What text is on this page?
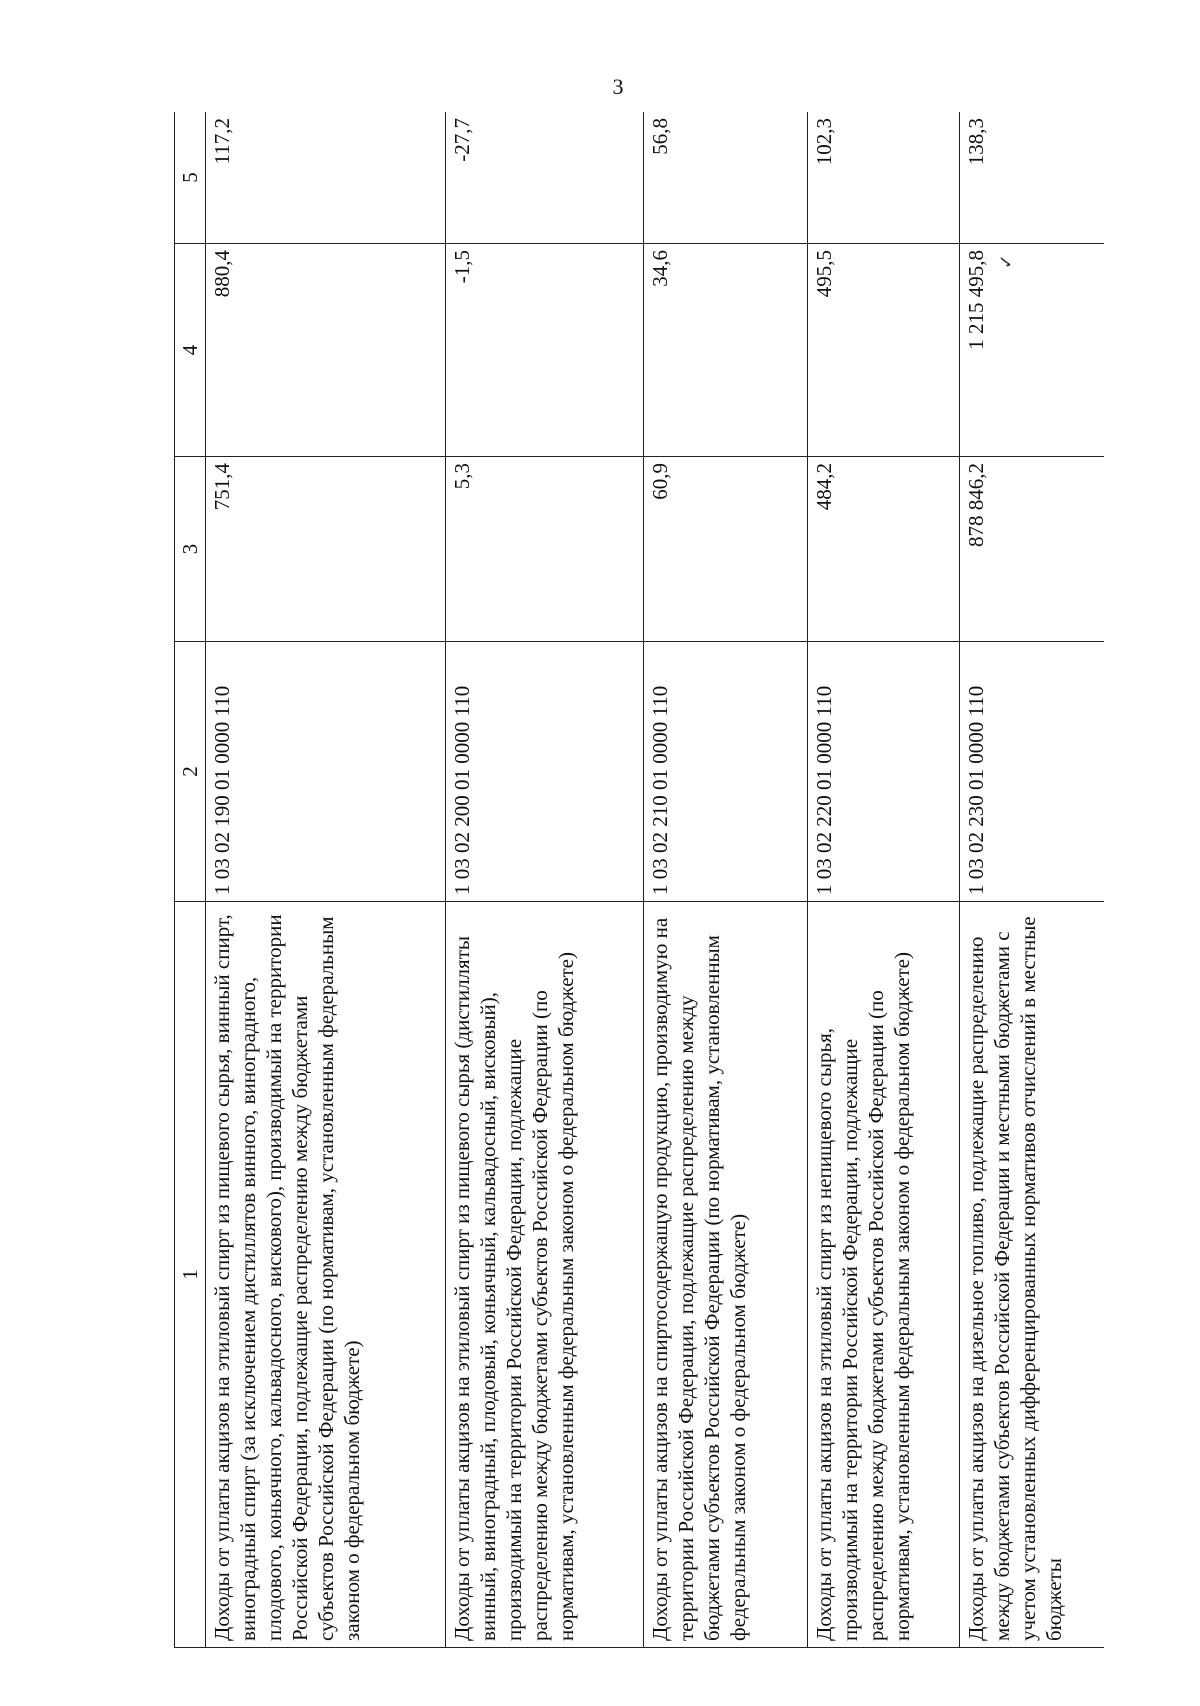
3
1	2	3	4	5
Доходы от уплаты акцизов на этиловый спирт из пищевого сырья, винный спирт, виноградный спирт (за исключением дистиллятов винного, виноградного, плодового, коньячного, кальвадосного, вискового), производимый на территории Российской Федерации, подлежащие распределению между бюджетами субъектов Российской Федерации (по нормативам, установленным федеральным законом о федеральном бюджете)	1 03 02 190 01 0000 110	751,4	880,4	117,2
Доходы от уплаты акцизов на этиловый спирт из пищевого сырья (дистилляты винный, виноградный, плодовый, коньячный, кальвадосный, висковый), производимый на территории Российской Федерации, подлежащие распределению между бюджетами субъектов Российской Федерации (по нормативам, установленным федеральным законом о федеральном бюджете)	1 03 02 200 01 0000 110	5,3	-1,5	-27,7
Доходы от уплаты акцизов на спиртосодержащую продукцию, производимую на территории Российской Федерации, подлежащие распределению между бюджетами субъектов Российской Федерации (по нормативам, установленным федеральным законом о федеральном бюджете)	1 03 02 210 01 0000 110	60,9	34,6	56,8
Доходы от уплаты акцизов на этиловый спирт из непищевого сырья, производимый на территории Российской Федерации, подлежащие распределению между бюджетами субъектов Российской Федерации (по нормативам, установленным федеральным законом о федеральном бюджете)	1 03 02 220 01 0000 110	484,2	495,5	102,3
Доходы от уплаты акцизов на дизельное топливо, подлежащие распределению между бюджетами субъектов Российской Федерации и местными бюджетами с учетом установленных дифференцированных нормативов отчислений в местные бюджеты	1 03 02 230 01 0000 110	878 846,2	1 215 495,8 ✓	138,3
